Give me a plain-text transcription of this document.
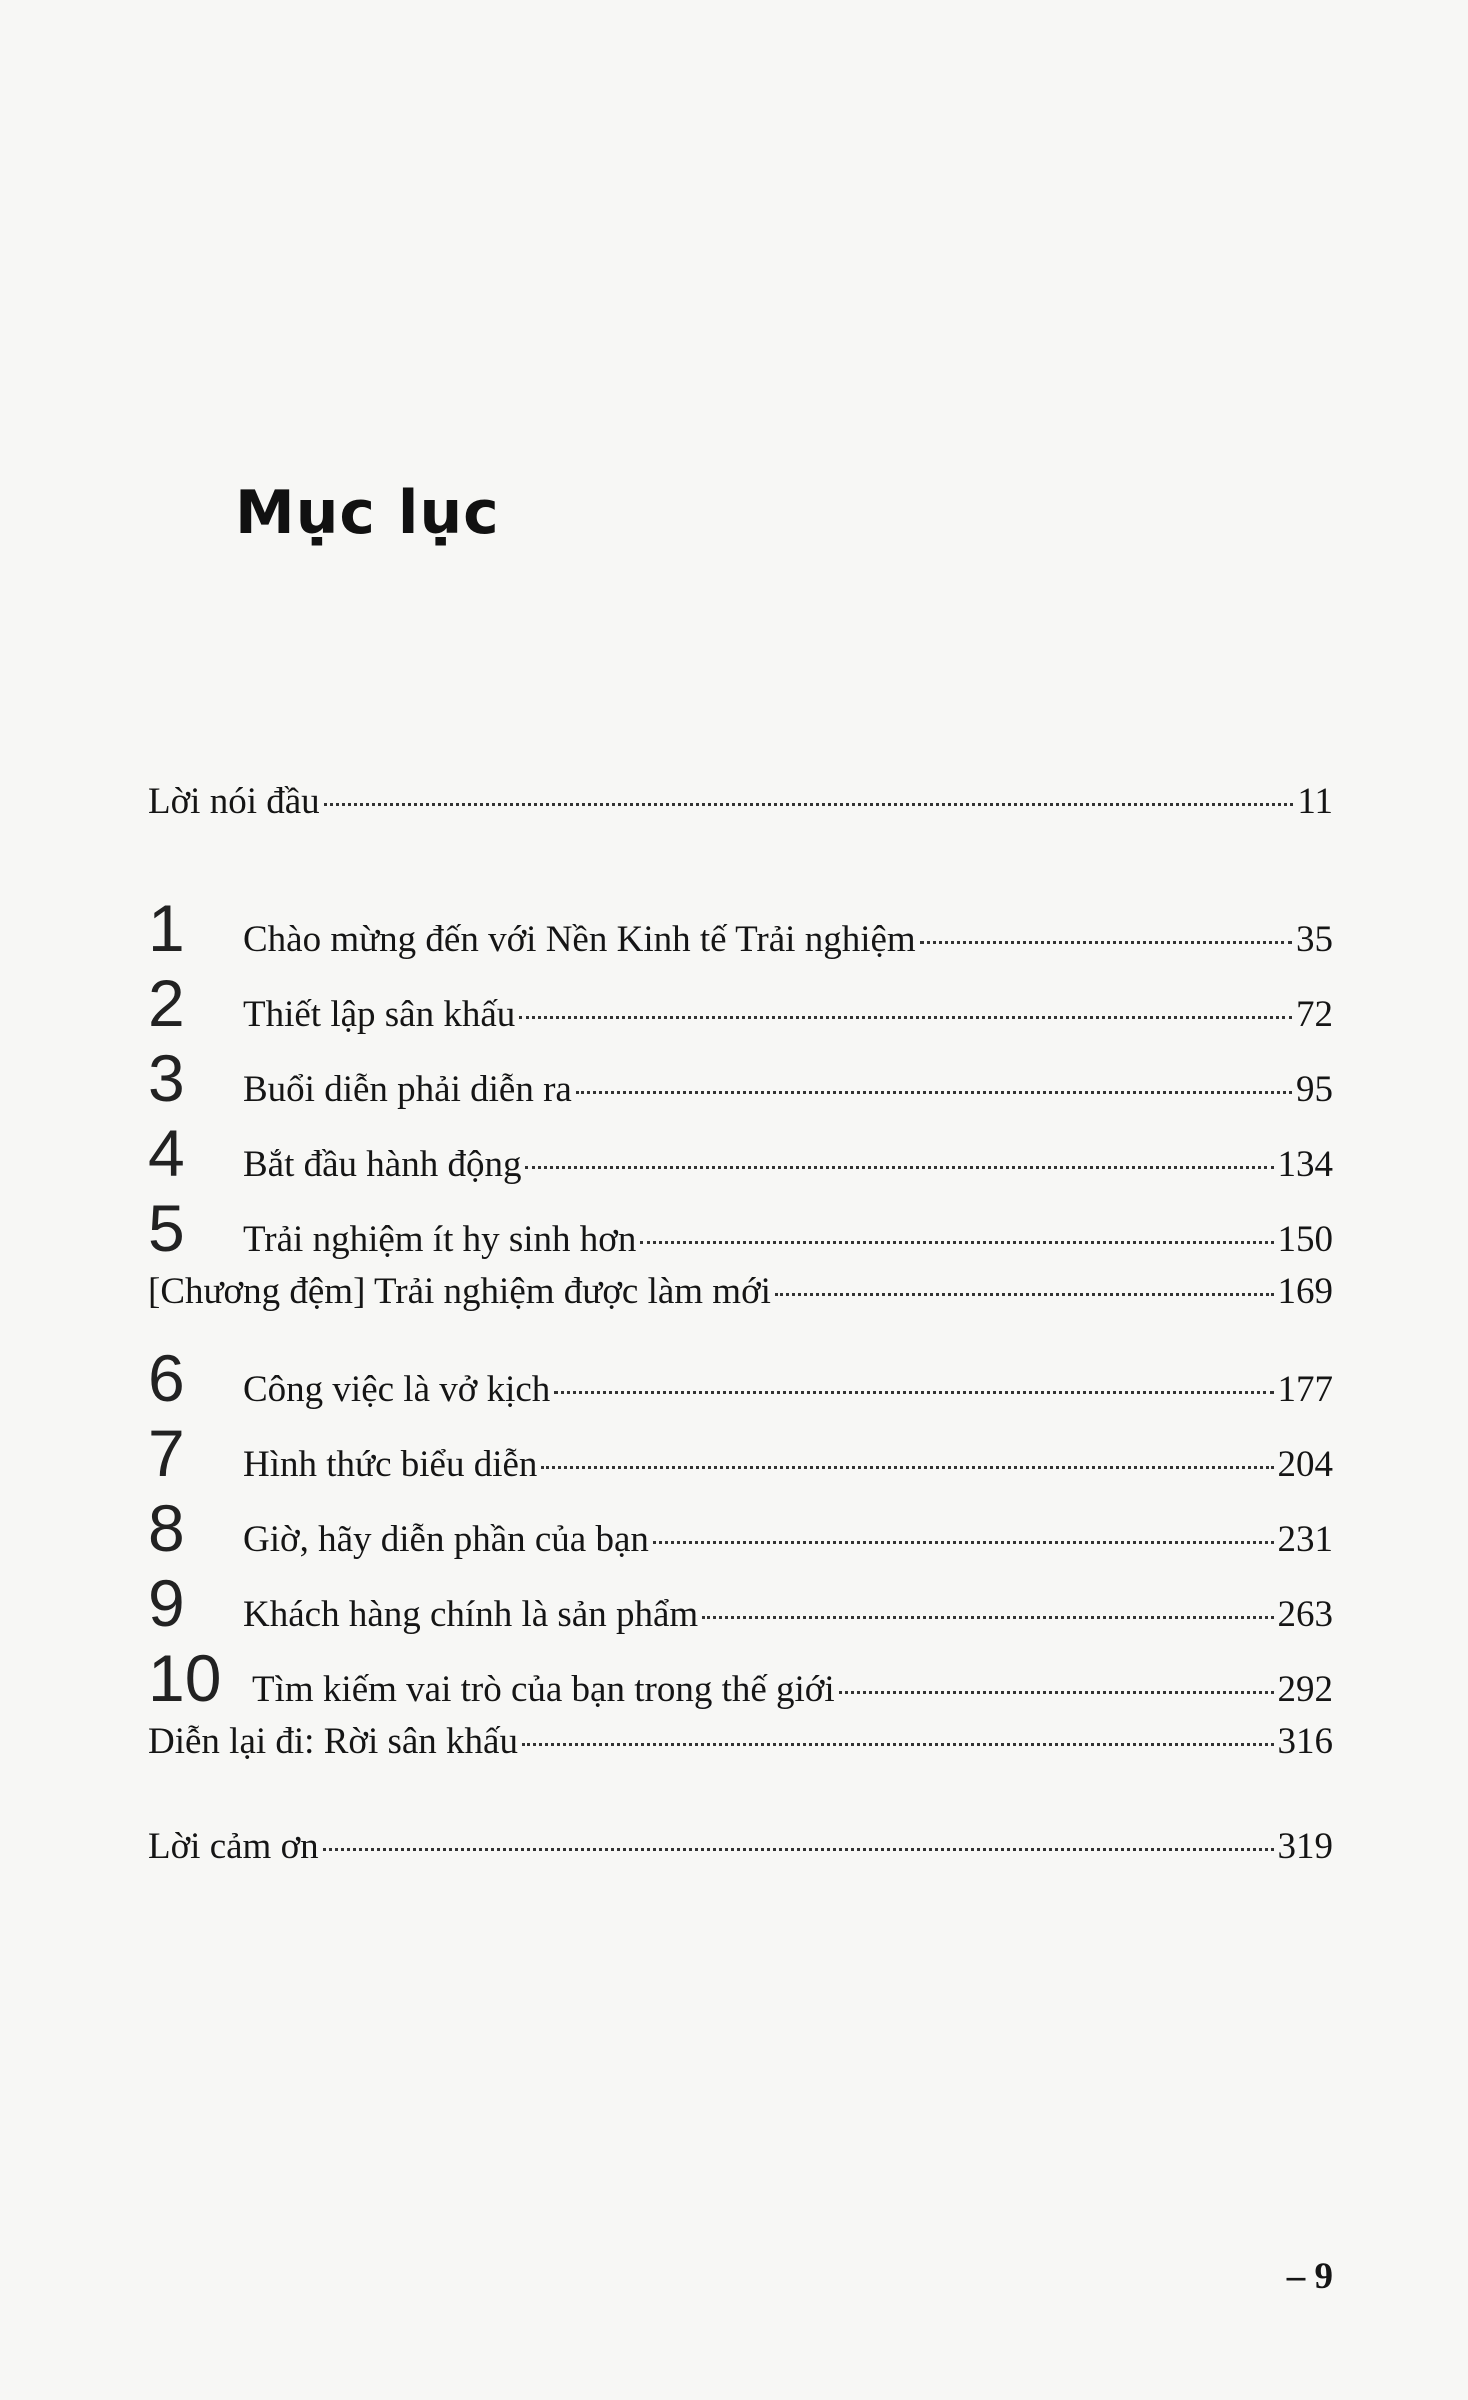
Mục lục
Lời nói đầu	11
1	Chào mừng đến với Nền Kinh tế Trải nghiệm	35
2	Thiết lập sân khấu	72
3	Buổi diễn phải diễn ra	95
4	Bắt đầu hành động	134
5	Trải nghiệm ít hy sinh hơn	150
[Chương đệm] Trải nghiệm được làm mới	169
6	Công việc là vở kịch	177
7	Hình thức biểu diễn	204
8	Giờ, hãy diễn phần của bạn	231
9	Khách hàng chính là sản phẩm	263
10 Tìm kiếm vai trò của bạn trong thế giới	292
Diễn lại đi: Rời sân khấu	316
Lời cảm ơn	319
– 9
